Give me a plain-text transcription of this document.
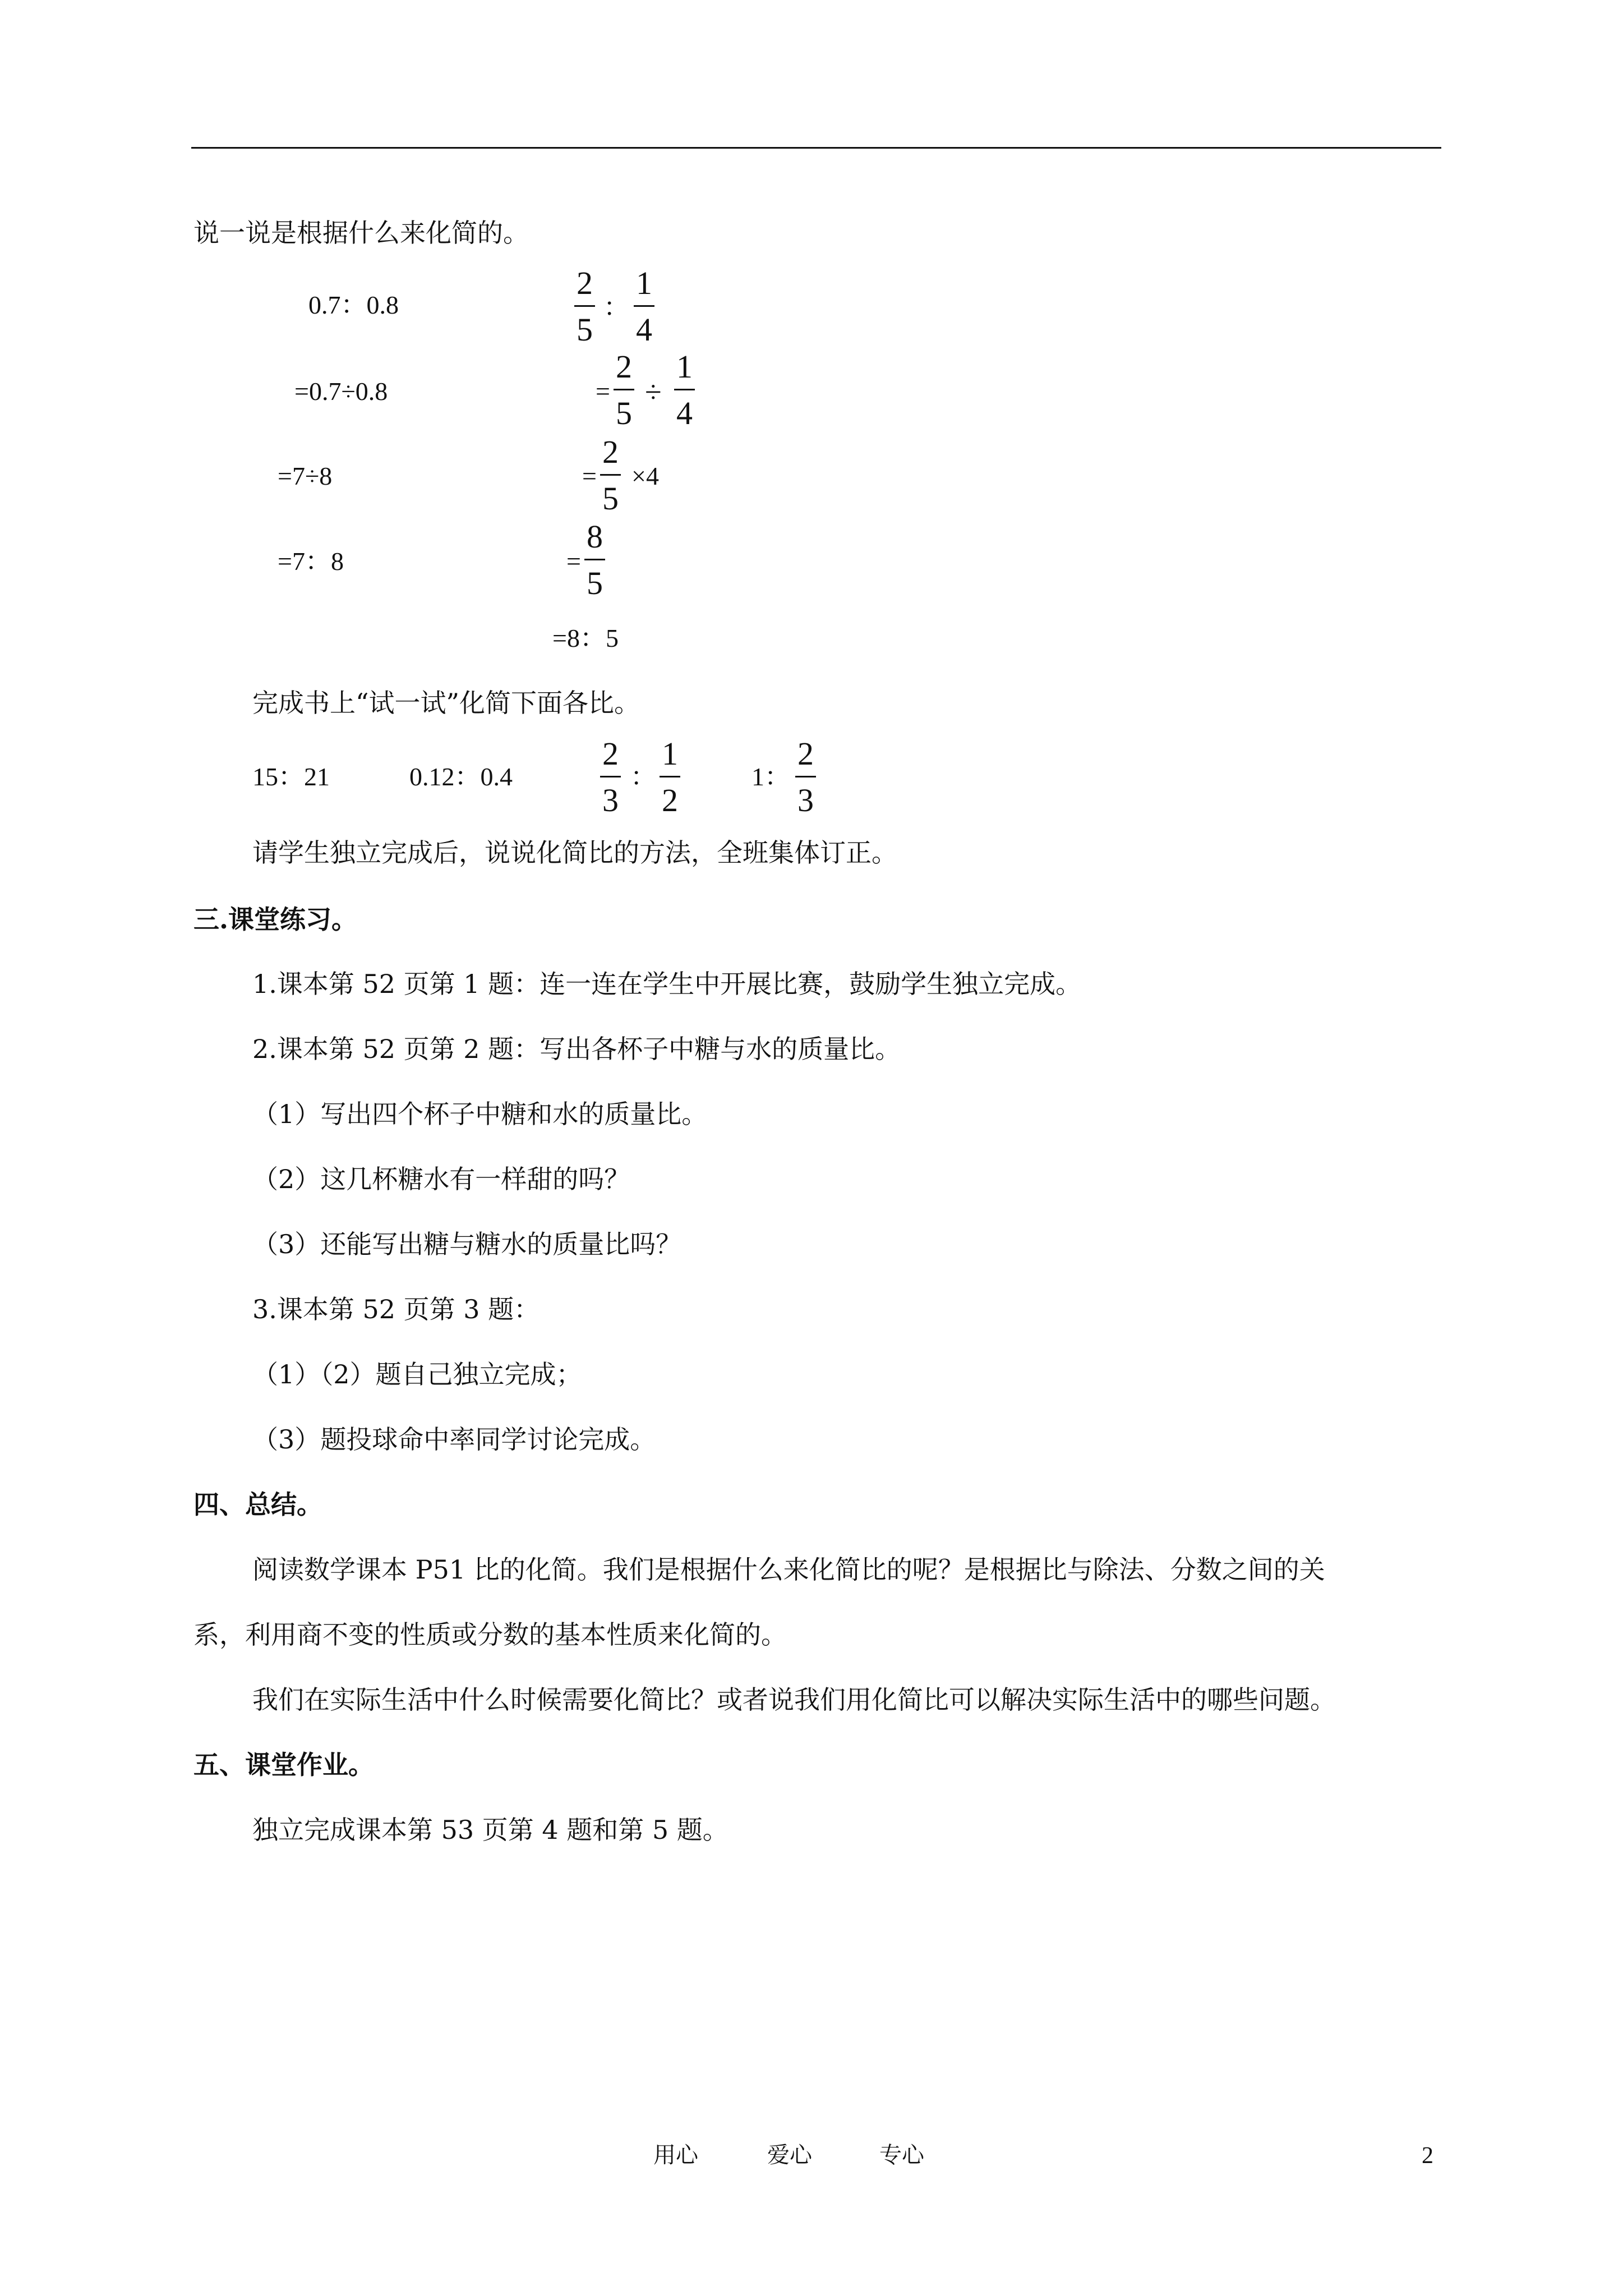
说一说是根据什么来化简的。
0.7：0.8
=0.7÷0.8
=7÷8
=7：8
2
5
：
1
4
=
2
5
÷
1
4
=
2
5
×4
=
8
5
=8：5
完成书上“试一试”化简下面各比。
15：21	0.12：0.4
2
3
：
1
2
1：
2
3
请学生独立完成后，说说化简比的方法，全班集体订正。
三.课堂练习。
1.课本第 52 页第 1 题：连一连在学生中开展比赛，鼓励学生独立完成。
2.课本第 52 页第 2 题：写出各杯子中糖与水的质量比。
（1）写出四个杯子中糖和水的质量比。
（2）这几杯糖水有一样甜的吗？
（3）还能写出糖与糖水的质量比吗？
3.课本第 52 页第 3 题：
（1）（2）题自己独立完成；
（3）题投球命中率同学讨论完成。
四、总结。
阅读数学课本 P51 比的化简。我们是根据什么来化简比的呢？是根据比与除法、分数之间的关
系，利用商不变的性质或分数的基本性质来化简的。
我们在实际生活中什么时候需要化简比？或者说我们用化简比可以解决实际生活中的哪些问题。
五、课堂作业。
独立完成课本第 53 页第 4 题和第 5 题。
用心	爱心	专心	2
